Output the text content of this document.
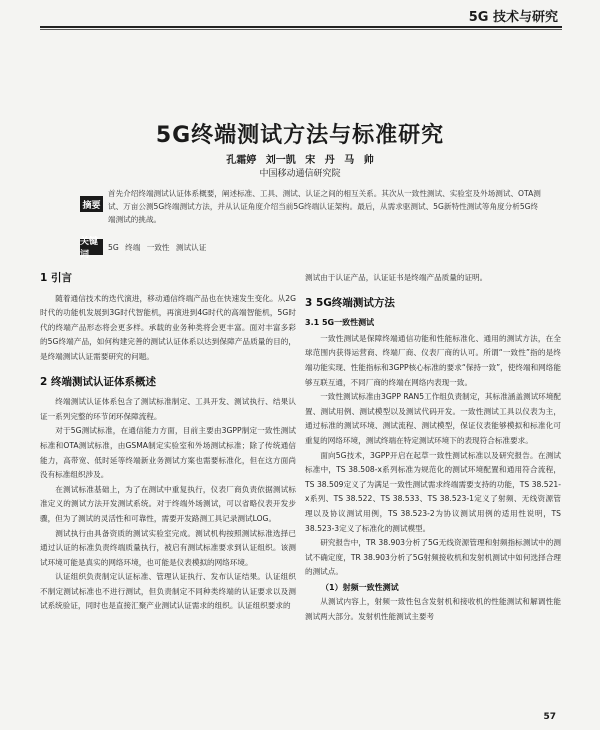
5G 技术与研究
5G终端测试方法与标准研究
孔霜婷 刘一凯 宋 丹 马 帅
中国移动通信研究院
摘要
首先介绍终端测试认证体系概要，阐述标准、工具、测试、认证之间的相互关系。其次从一致性测试、实验室及外场测试、OTA测试、万亩公测5G终端测试方法，并从认证角度介绍当前5G终端认证架构。最后，从需求驱测试、5G新特性测试等角度分析5G终端测试的挑战。
关键词
5G 终端 一致性 测试认证
1 引言

随着通信技术的迭代演进，移动通信终端产品也在快速发生变化。从2G时代的功能机发展到3G时代智能机，再演进到4G时代的高端智能机，5G时代的终端产品形态将会更多样。承载的业务种类将会更丰富。面对丰富多彩的5G终端产品，如何构建完善的测试认证体系以达到保障产品质量的目的，是终端测试认证需要研究的问题。

2 终端测试认证体系概述

终端测试认证体系包含了测试标准制定、工具开发、测试执行、结果认证一系列完整的环节闭环保障流程。

对于5G测试标准，在通信能力方面，目前主要由3GPP制定一致性测试标准和OTA测试标准，由GSMA制定实验室和外场测试标准；除了传统通信能力，高带宽、低时延等终端新业务测试方案也需要标准化，但在这方面尚没有标准组织涉及。

在测试标准基础上，为了在测试中重复执行，仪表厂商负责依据测试标准定义的测试方法开发测试系统。对于终端外场测试，可以省略仪表开发步骤，但为了测试的灵活性和可靠性，需要开发路测工具记录测试LOG。

测试执行由具备资质的测试实验室完成。测试机构按照测试标准选择已通过认证的标准负责终端质量执行，被启有测试标准要求到认证组织。该测试环境可能是真实的网络环境，也可能是仪表模拟的网络环境。

认证组织负责制定认证标准、管理认证执行、发布认证结果。认证组织不制定测试标准也不进行测试，但负责制定不同种类终端的认证要求以及测试系统验证，同时也是直接汇聚产业测试认证需求的组织。认证组织要求的

测试由于认证产品，认证证书是终端产品质量的证明。

3 5G终端测试方法
3.1 5G一致性测试

一致性测试是保障终端通信功能和性能标准化、通用的测试方法，在全球范围内获得运营商、终端厂商、仪表厂商的认可。所谓“一致性”指的是终端功能实现、性能指标和3GPP核心标准的要求“保持一致”，使终端和网络能够互联互通，不同厂商的终端在网络内表现一致。

一致性测试标准由3GPP RAN5工作组负责制定，其标准涵盖测试环境配置、测试用例、测试模型以及测试代码开发。一致性测试工具以仪表为主，通过标准的测试环境、测试流程、测试模型，保证仪表能够模拟和标准化可重复的网络环境，测试终端在特定测试环境下的表现符合标准要求。

面向5G技术，3GPP开启在起草一致性测试标准以及研究报告。在测试标准中，TS 38.508-x系列标准为规范化的测试环境配置和通用符合流程，TS 38.509定义了为满足一致性测试需求终端需要支持的功能，TS 38.521-x系列、TS 38.522、TS 38.533、TS 38.523-1定义了射频、无线资源管理以及协议测试用例，TS 38.523-2为协议测试用例的适用性说明，TS 38.523-3定义了标准化的测试模型。

研究报告中，TR 38.903分析了5G无线资源管理和射频指标测试中的测试不确定度，TR 38.903分析了5G射频接收机和发射机测试中如何选择合理的测试点。

（1）射频一致性测试

从测试内容上，射频一致性包含发射机和接收机的性能测试和解调性能测试两大部分。发射机性能测试主要考

57
